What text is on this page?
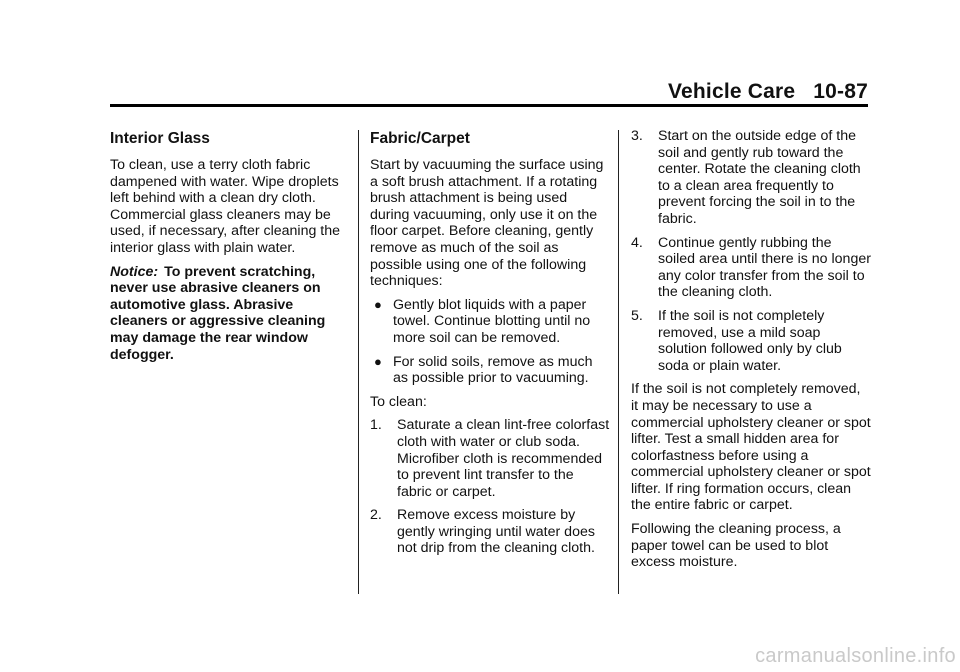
Vehicle Care 10-87
Interior Glass

To clean, use a terry cloth fabric dampened with water. Wipe droplets left behind with a clean dry cloth. Commercial glass cleaners may be used, if necessary, after cleaning the interior glass with plain water.

Notice: To prevent scratching, never use abrasive cleaners on automotive glass. Abrasive cleaners or aggressive cleaning may damage the rear window defogger.

Fabric/Carpet

Start by vacuuming the surface using a soft brush attachment. If a rotating brush attachment is being used during vacuuming, only use it on the floor carpet. Before cleaning, gently remove as much of the soil as possible using one of the following techniques:

● Gently blot liquids with a paper towel. Continue blotting until no more soil can be removed.
● For solid soils, remove as much as possible prior to vacuuming.

To clean:

1. Saturate a clean lint-free colorfast cloth with water or club soda. Microfiber cloth is recommended to prevent lint transfer to the fabric or carpet.
2. Remove excess moisture by gently wringing until water does not drip from the cleaning cloth.
3. Start on the outside edge of the soil and gently rub toward the center. Rotate the cleaning cloth to a clean area frequently to prevent forcing the soil in to the fabric.
4. Continue gently rubbing the soiled area until there is no longer any color transfer from the soil to the cleaning cloth.
5. If the soil is not completely removed, use a mild soap solution followed only by club soda or plain water.

If the soil is not completely removed, it may be necessary to use a commercial upholstery cleaner or spot lifter. Test a small hidden area for colorfastness before using a commercial upholstery cleaner or spot lifter. If ring formation occurs, clean the entire fabric or carpet.

Following the cleaning process, a paper towel can be used to blot excess moisture.

carmanualsonline.info
